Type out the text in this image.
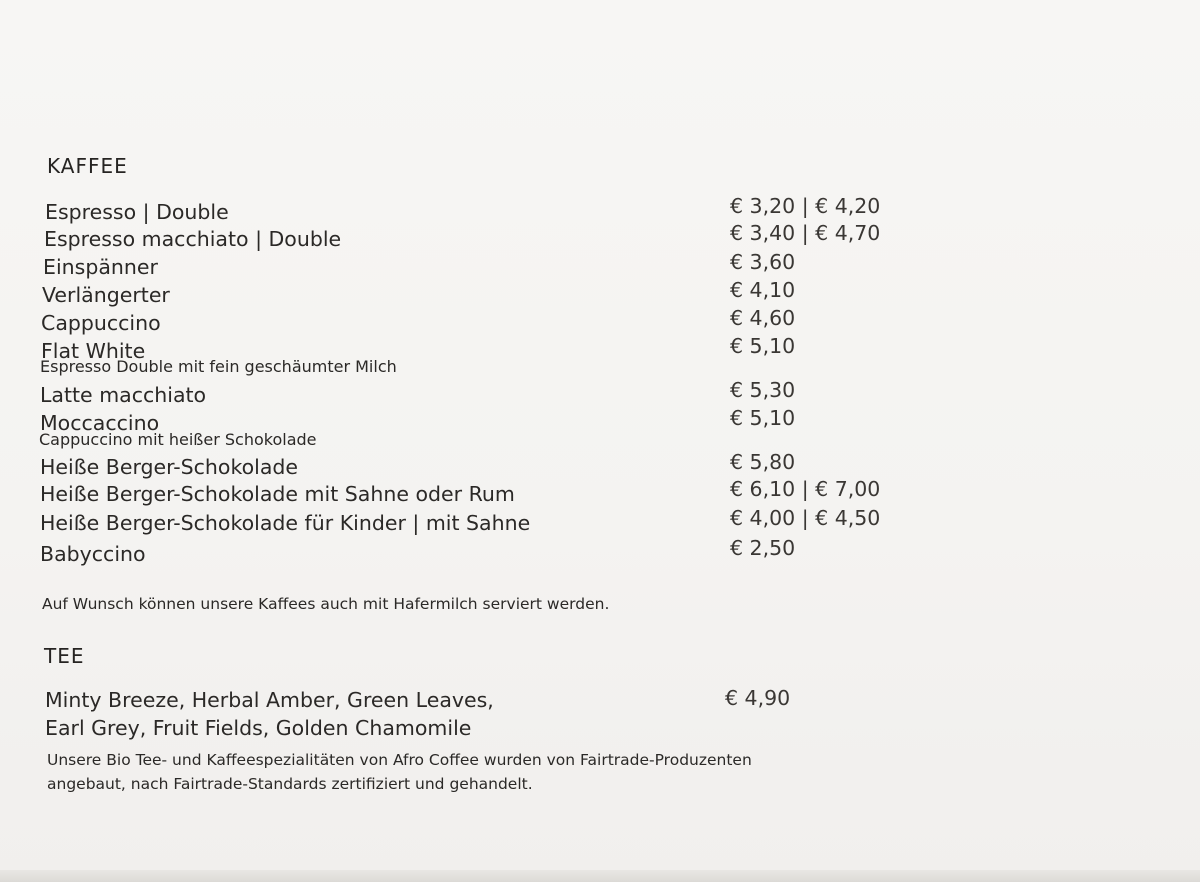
KAFFEE
Espresso | Double	€ 3,20 | € 4,20
Espresso macchiato | Double	€ 3,40 | € 4,70
Einspänner	€ 3,60
Verlängerter	€ 4,10
Cappuccino	€ 4,60
Flat White	€ 5,10
Espresso Double mit fein geschäumter Milch
Latte macchiato	€ 5,30
Moccaccino	€ 5,10
Cappuccino mit heißer Schokolade
Heiße Berger-Schokolade	€ 5,80
Heiße Berger-Schokolade mit Sahne oder Rum	€ 6,10 | € 7,00
Heiße Berger-Schokolade für Kinder | mit Sahne	€ 4,00 | € 4,50
Babyccino	€ 2,50
Auf Wunsch können unsere Kaffees auch mit Hafermilch serviert werden.
TEE
Minty Breeze, Herbal Amber, Green Leaves,	€ 4,90
Earl Grey, Fruit Fields, Golden Chamomile
Unsere Bio Tee- und Kaffeespezialitäten von Afro Coffee wurden von Fairtrade-Produzenten
angebaut, nach Fairtrade-Standards zertifiziert und gehandelt.
